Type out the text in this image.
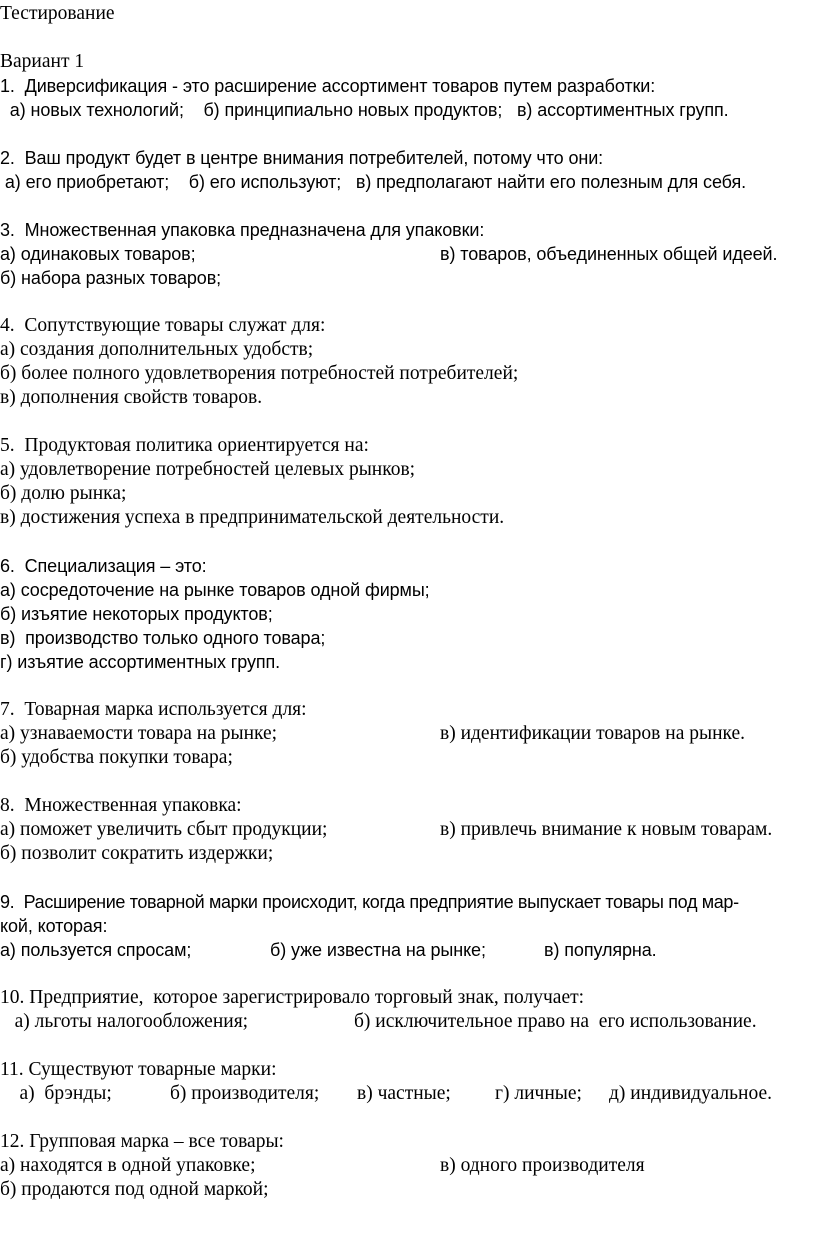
Тестирование
Вариант 1
1.  Диверсификация - это расширение ассортимент товаров путем разработки:
а) новых технологий;    б) принципиально новых продуктов;   в) ассортиментных групп.
2.  Ваш продукт будет в центре внимания потребителей, потому что они:
а) его приобретают;    б) его используют;   в) предполагают найти его полезным для себя.
3.  Множественная упаковка предназначена для упаковки:
а) одинаковых товаров;	в) товаров, объединенных общей идеей.
б) набора разных товаров;
4.  Сопутствующие товары служат для:
а) создания дополнительных удобств;
б) более полного удовлетворения потребностей потребителей;
в) дополнения свойств товаров.
5.  Продуктовая политика ориентируется на:
а) удовлетворение потребностей целевых рынков;
б) долю рынка;
в) достижения успеха в предпринимательской деятельности.
6.  Специализация – это:
а) сосредоточение на рынке товаров одной фирмы;
б) изъятие некоторых продуктов;
в)  производство только одного товара;
г) изъятие ассортиментных групп.
7.  Товарная марка используется для:
а) узнаваемости товара на рынке;	в) идентификации товаров на рынке.
б) удобства покупки товара;
8.  Множественная упаковка:
а) поможет увеличить сбыт продукции;	в) привлечь внимание к новым товарам.
б) позволит сократить издержки;
9.  Расширение товарной марки происходит, когда предприятие выпускает товары под мар-
кой, которая:
а) пользуется спросам;	б) уже известна на рынке;	в) популярна.
10. Предприятие,  которое зарегистрировало торговый знак, получает:
а) льготы налогообложения;	б) исключительное право на  его использование.
11. Существуют товарные марки:
а)  брэнды;	б) производителя; в) частные; г) личные; д) индивидуальное.
12. Групповая марка – все товары:
а) находятся в одной упаковке;	в) одного производителя
б) продаются под одной маркой;
